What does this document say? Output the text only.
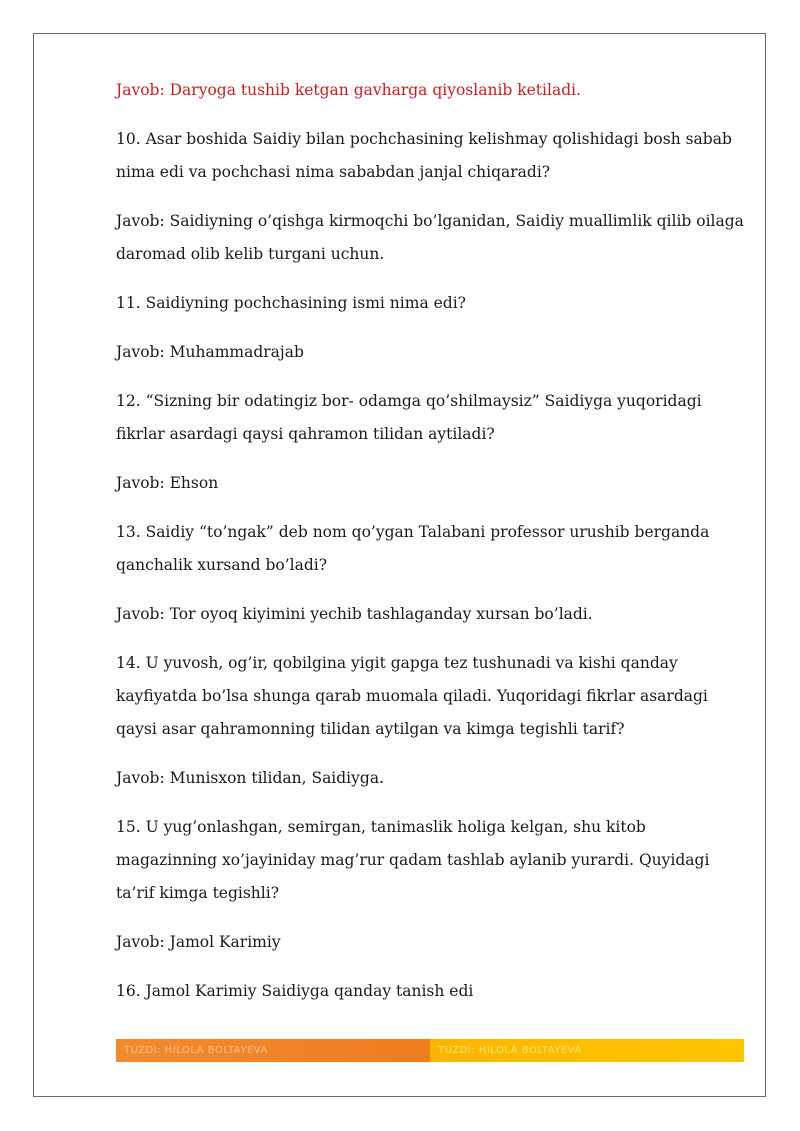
Javob: Daryoga tushib ketgan gavharga qiyoslanib ketiladi.

10. Asar boshida Saidiy bilan pochchasining kelishmay qolishidagi bosh sabab nima edi va pochchasi nima sababdan janjal chiqaradi?

Javob: Saidiyning o’qishga kirmoqchi bo’lganidan, Saidiy muallimlik qilib oilaga daromad olib kelib turgani uchun.

11. Saidiyning pochchasining ismi nima edi?

Javob: Muhammadrajab

12. “Sizning bir odatingiz bor- odamga qo’shilmaysiz” Saidiyga yuqoridagi fikrlar asardagi qaysi qahramon tilidan aytiladi?

Javob: Ehson

13. Saidiy “to’ngak” deb nom qo’ygan Talabani professor urushib berganda qanchalik xursand bo’ladi?

Javob: Tor oyoq kiyimini yechib tashlaganday xursan bo’ladi.

14. U yuvosh, og’ir, qobilgina yigit gapga tez tushunadi va kishi qanday kayfiyatda bo’lsa shunga qarab muomala qiladi. Yuqoridagi fikrlar asardagi qaysi asar qahramonning tilidan aytilgan va kimga tegishli tarif?

Javob: Munisxon tilidan, Saidiyga.

15. U yug’onlashgan, semirgan, tanimaslik holiga kelgan, shu kitob magazinning xo’jayiniday mag’rur qadam tashlab aylanib yurardi. Quyidagi ta’rif kimga tegishli?

Javob: Jamol Karimiy

16. Jamol Karimiy Saidiyga qanday tanish edi

TUZDI: HILOLA BOLTAYEVA	TUZDI: HILOLA BOLTAYEVA
